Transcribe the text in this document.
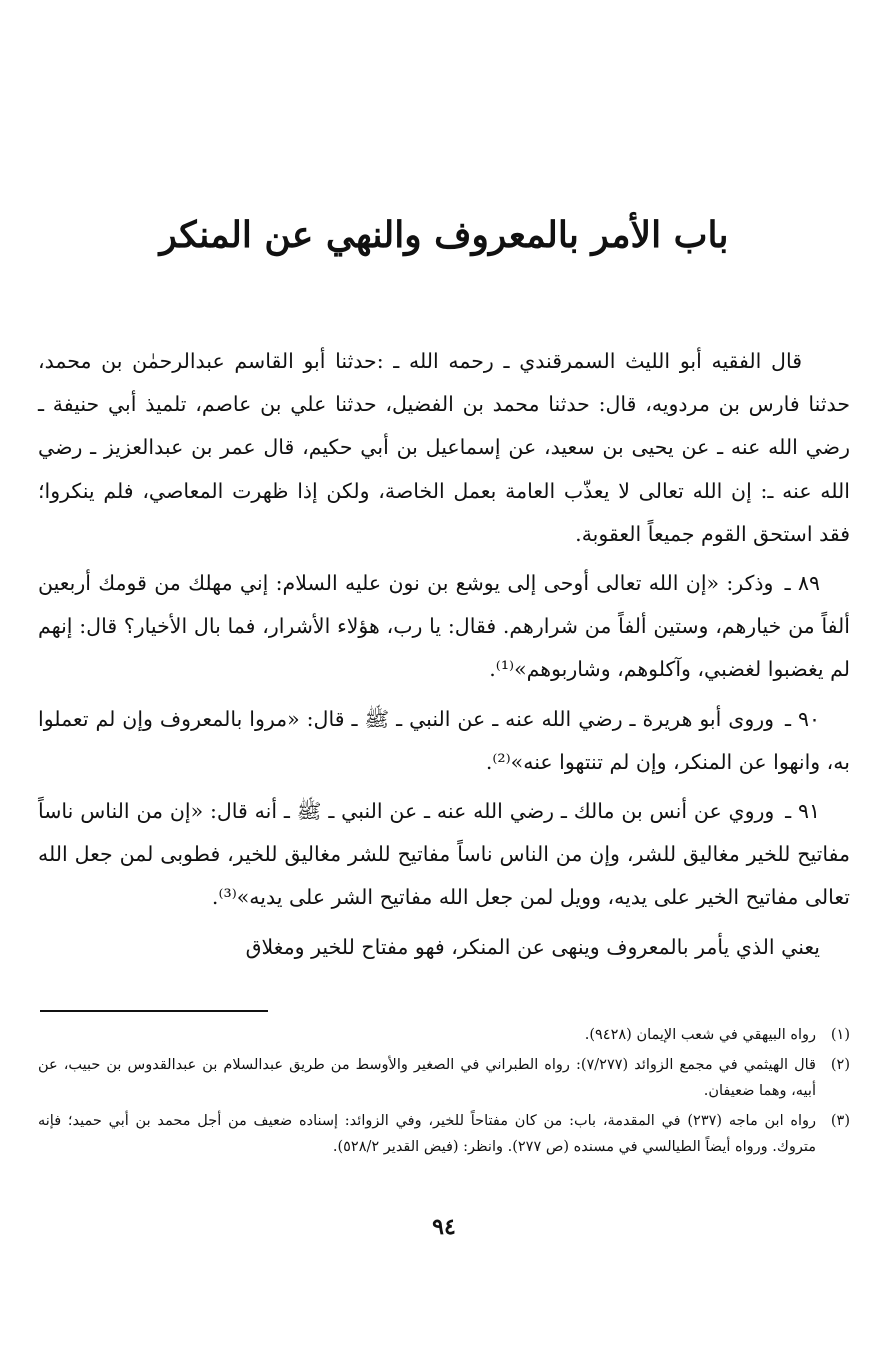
باب الأمر بالمعروف والنهي عن المنكر

قال الفقيه أبو الليث السمرقندي ـ رحمه الله ـ :حدثنا أبو القاسم عبدالرحمٰن بن محمد، حدثنا فارس بن مردويه، قال: حدثنا محمد بن الفضيل، حدثنا علي بن عاصم، تلميذ أبي حنيفة ـ رضي الله عنه ـ عن يحيى بن سعيد، عن إسماعيل بن أبي حكيم، قال عمر بن عبدالعزيز ـ رضي الله عنه ـ: إن الله تعالى لا يعذّب العامة بعمل الخاصة، ولكن إذا ظهرت المعاصي، فلم ينكروا؛ فقد استحق القوم جميعاً العقوبة.

٨٩ ـ وذكر: «إن الله تعالى أوحى إلى يوشع بن نون عليه السلام: إني مهلك من قومك أربعين ألفاً من خيارهم، وستين ألفاً من شرارهم. فقال: يا رب، هؤلاء الأشرار، فما بال الأخيار؟ قال: إنهم لم يغضبوا لغضبي، وآكلوهم، وشاربوهم»⁽¹⁾.

٩٠ ـ وروى أبو هريرة ـ رضي الله عنه ـ عن النبي ـ ﷺ ـ قال: «مروا بالمعروف وإن لم تعملوا به، وانهوا عن المنكر، وإن لم تنتهوا عنه»⁽²⁾.

٩١ ـ وروي عن أنس بن مالك ـ رضي الله عنه ـ عن النبي ـ ﷺ ـ أنه قال: «إن من الناس ناساً مفاتيح للخير مغاليق للشر، وإن من الناس ناساً مفاتيح للشر مغاليق للخير، فطوبى لمن جعل الله تعالى مفاتيح الخير على يديه، وويل لمن جعل الله مفاتيح الشر على يديه»⁽³⁾.

يعني الذي يأمر بالمعروف وينهى عن المنكر، فهو مفتاح للخير ومغلاق

(١)
رواه البيهقي في شعب الإيمان (٩٤٢٨).
(٢)
قال الهيثمي في مجمع الزوائد (٧/٢٧٧): رواه الطبراني في الصغير والأوسط من طريق عبدالسلام بن عبدالقدوس بن حبيب، عن أبيه، وهما ضعيفان.
(٣)
رواه ابن ماجه (٢٣٧) في المقدمة، باب: من كان مفتاحاً للخير، وفي الزوائد: إسناده ضعيف من أجل محمد بن أبي حميد؛ فإنه متروك. ورواه أيضاً الطيالسي في مسنده (ص ٢٧٧). وانظر: (فيض القدير ٥٢٨/٢).
٩٤
